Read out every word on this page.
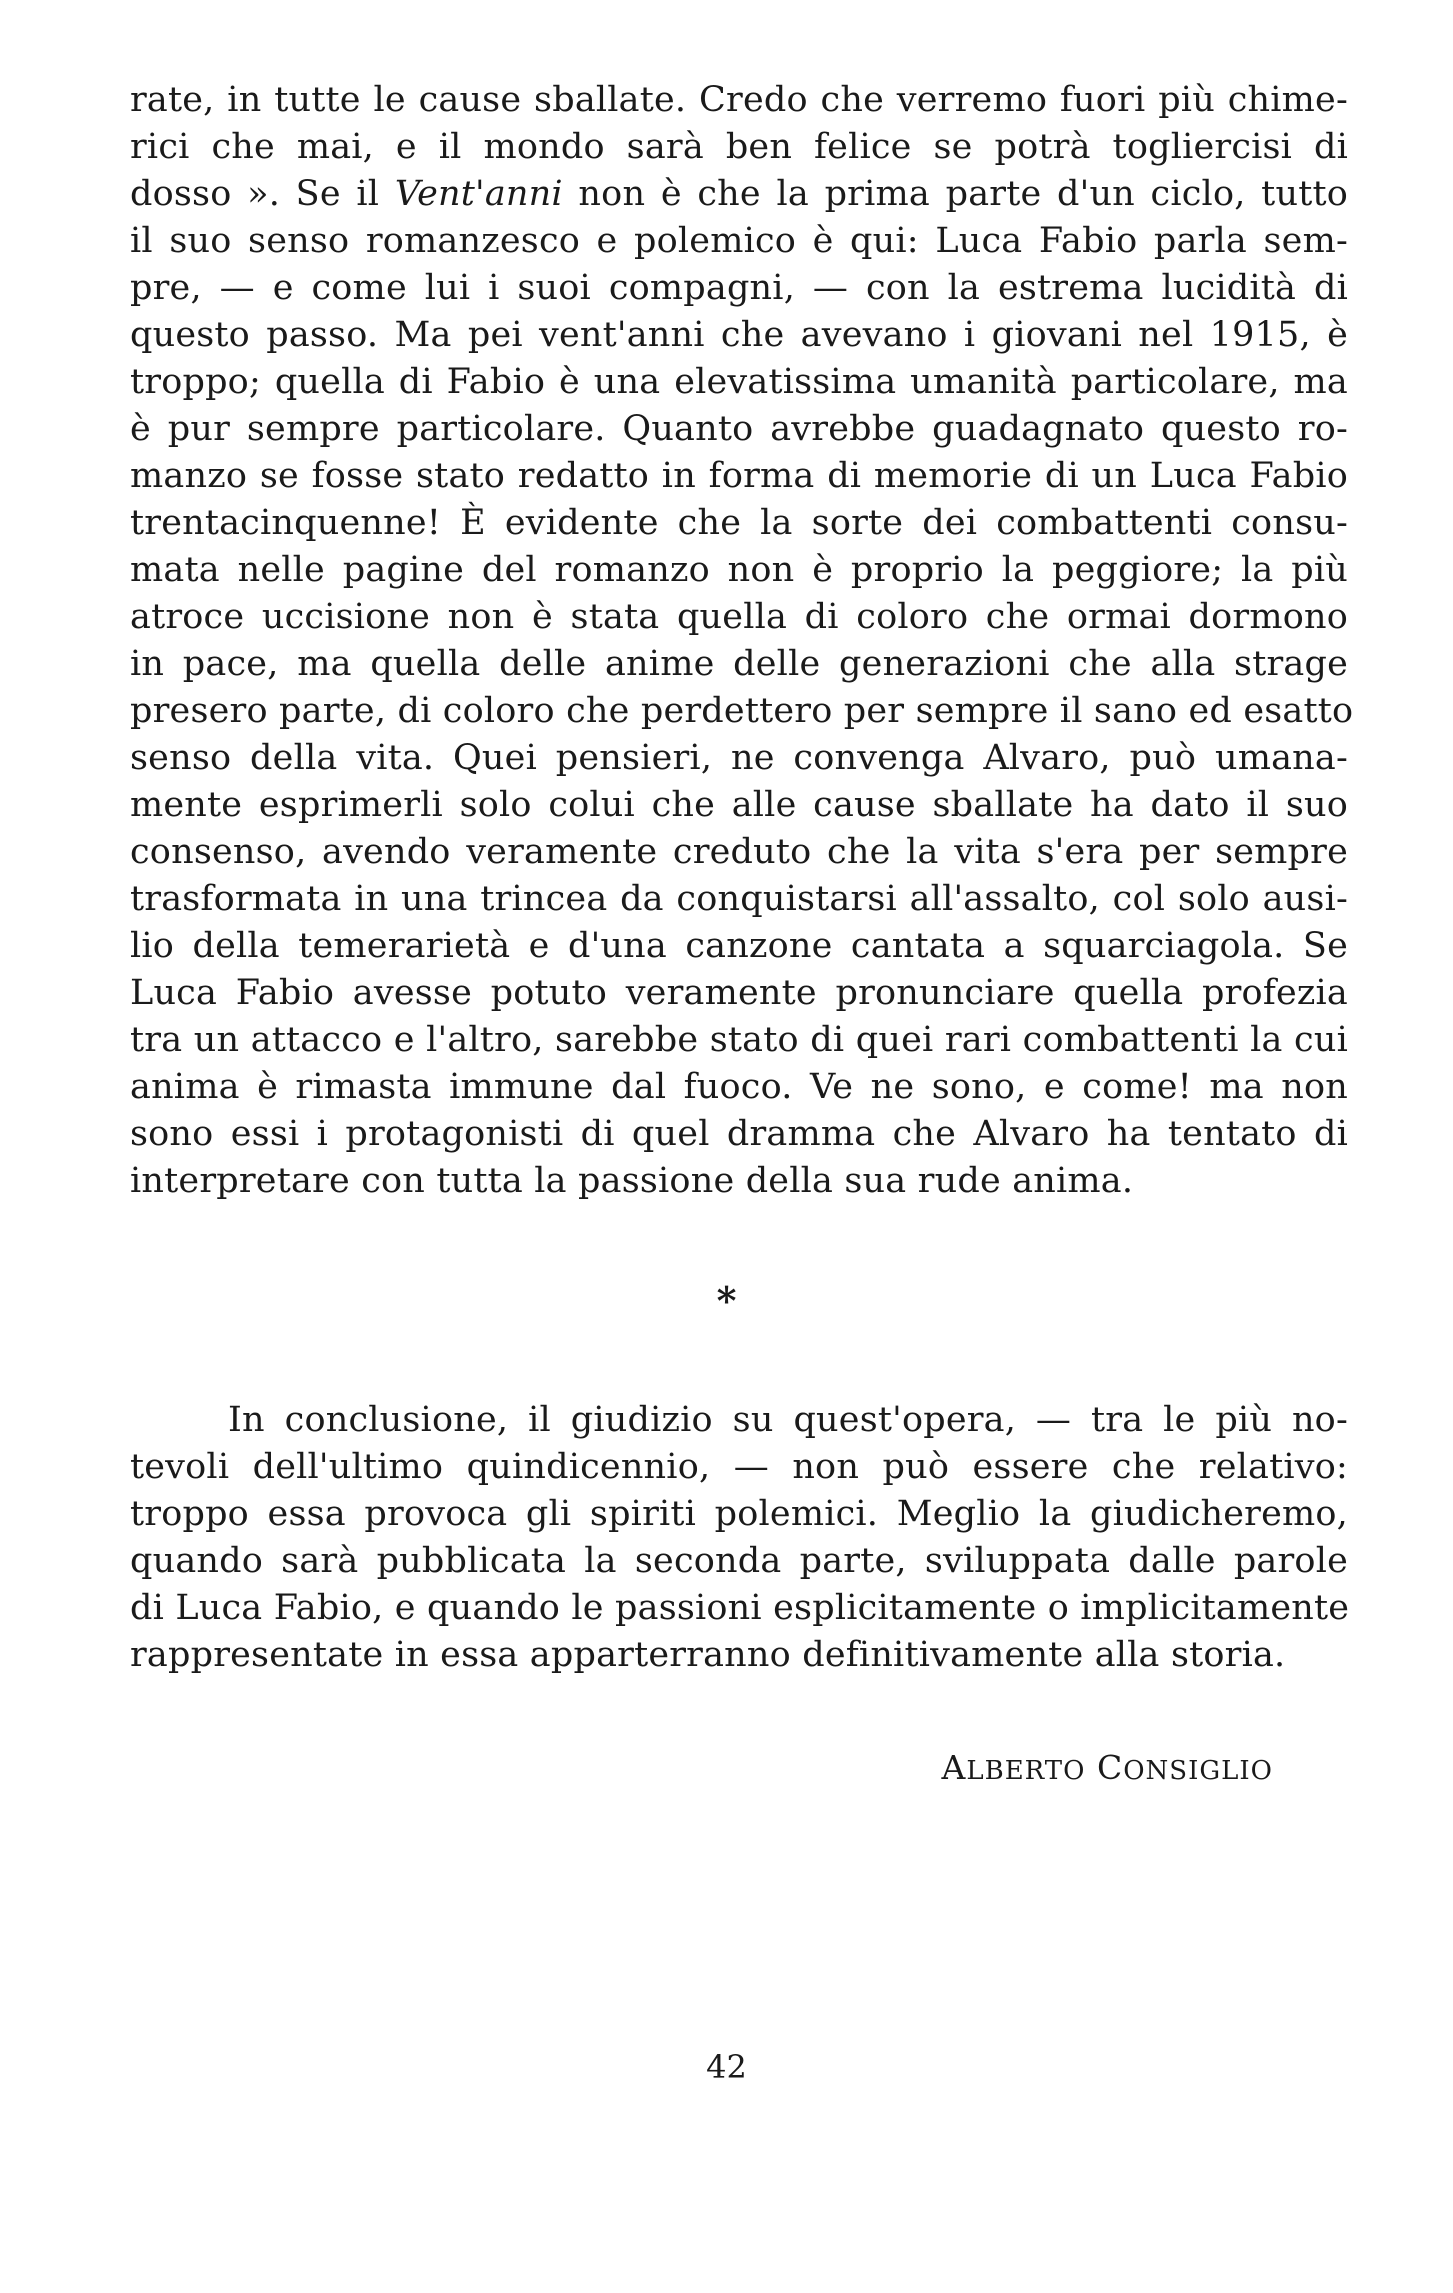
rate, in tutte le cause sballate. Credo che verremo fuori più chime-
rici che mai, e il mondo sarà ben felice se potrà togliercisi di
dosso ». Se il Vent'anni non è che la prima parte d'un ciclo, tutto
il suo senso romanzesco e polemico è qui: Luca Fabio parla sem-
pre, — e come lui i suoi compagni, — con la estrema lucidità di
questo passo. Ma pei vent'anni che avevano i giovani nel 1915, è
troppo; quella di Fabio è una elevatissima umanità particolare, ma
è pur sempre particolare. Quanto avrebbe guadagnato questo ro-
manzo se fosse stato redatto in forma di memorie di un Luca Fabio
trentacinquenne! È evidente che la sorte dei combattenti consu-
mata nelle pagine del romanzo non è proprio la peggiore; la più
atroce uccisione non è stata quella di coloro che ormai dormono
in pace, ma quella delle anime delle generazioni che alla strage
presero parte, di coloro che perdettero per sempre il sano ed esatto
senso della vita. Quei pensieri, ne convenga Alvaro, può umana-
mente esprimerli solo colui che alle cause sballate ha dato il suo
consenso, avendo veramente creduto che la vita s'era per sempre
trasformata in una trincea da conquistarsi all'assalto, col solo ausi-
lio della temerarietà e d'una canzone cantata a squarciagola. Se
Luca Fabio avesse potuto veramente pronunciare quella profezia
tra un attacco e l'altro, sarebbe stato di quei rari combattenti la cui
anima è rimasta immune dal fuoco. Ve ne sono, e come! ma non
sono essi i protagonisti di quel dramma che Alvaro ha tentato di
interpretare con tutta la passione della sua rude anima.
*
In conclusione, il giudizio su quest'opera, — tra le più no-
tevoli dell'ultimo quindicennio, — non può essere che relativo:
troppo essa provoca gli spiriti polemici. Meglio la giudicheremo,
quando sarà pubblicata la seconda parte, sviluppata dalle parole
di Luca Fabio, e quando le passioni esplicitamente o implicitamente
rappresentate in essa apparterranno definitivamente alla storia.
ALBERTO CONSIGLIO
42
